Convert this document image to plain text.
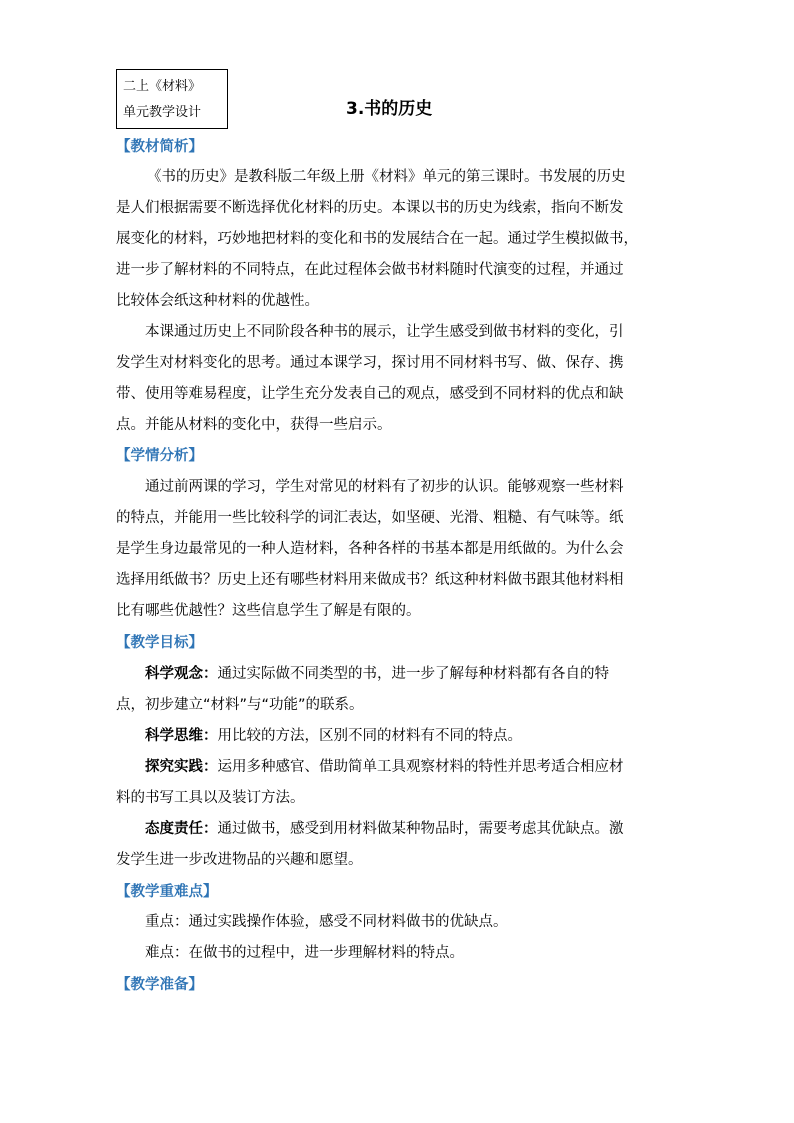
二上《材料》
单元教学设计	3.书的历史
【教材简析】
《书的历史》是教科版二年级上册《材料》单元的第三课时。书发展的历史
是人们根据需要不断选择优化材料的历史。本课以书的历史为线索，指向不断发
展变化的材料，巧妙地把材料的变化和书的发展结合在一起。通过学生模拟做书，
进一步了解材料的不同特点，在此过程体会做书材料随时代演变的过程，并通过
比较体会纸这种材料的优越性。
本课通过历史上不同阶段各种书的展示，让学生感受到做书材料的变化，引
发学生对材料变化的思考。通过本课学习，探讨用不同材料书写、做、保存、携
带、使用等难易程度，让学生充分发表自己的观点，感受到不同材料的优点和缺
点。并能从材料的变化中，获得一些启示。
【学情分析】
通过前两课的学习，学生对常见的材料有了初步的认识。能够观察一些材料
的特点，并能用一些比较科学的词汇表达，如坚硬、光滑、粗糙、有气味等。纸
是学生身边最常见的一种人造材料，各种各样的书基本都是用纸做的。为什么会
选择用纸做书？历史上还有哪些材料用来做成书？纸这种材料做书跟其他材料相
比有哪些优越性？这些信息学生了解是有限的。
【教学目标】
科学观念：通过实际做不同类型的书，进一步了解每种材料都有各自的特
点，初步建立“材料”与“功能”的联系。
科学思维：用比较的方法，区别不同的材料有不同的特点。
探究实践：运用多种感官、借助简单工具观察材料的特性并思考适合相应材
料的书写工具以及装订方法。
态度责任：通过做书，感受到用材料做某种物品时，需要考虑其优缺点。激
发学生进一步改进物品的兴趣和愿望。
【教学重难点】
重点：通过实践操作体验，感受不同材料做书的优缺点。
难点：在做书的过程中，进一步理解材料的特点。
【教学准备】
